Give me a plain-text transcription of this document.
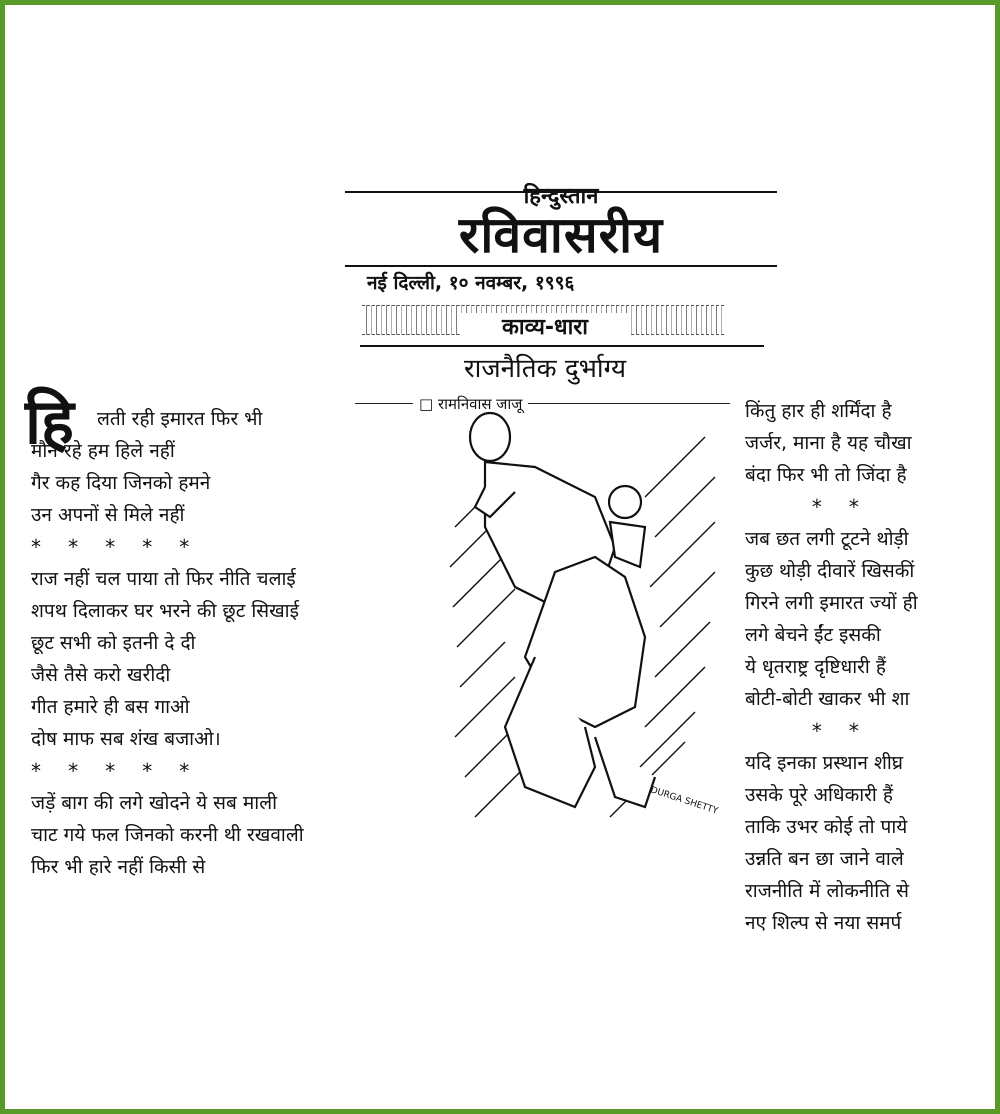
हिन्दुस्तान
रविवासरीय
नई दिल्ली, १० नवम्बर, १९९६
काव्य-धारा
राजनैतिक दुर्भाग्य
□ रामनिवास जाजू
हि	लती रही इमारत फिर भी
मौन रहे हम हिले नहीं
गैर कह दिया जिनको हमने
उन अपनों से मिले नहीं
*   *   *   *   *
राज नहीं चल पाया तो फिर नीति चलाई
शपथ दिलाकर घर भरने की छूट सिखाई
छूट सभी को इतनी दे दी
जैसे तैसे करो खरीदी
गीत हमारे ही बस गाओ
दोष माफ सब शंख बजाओ।
*   *   *   *   *
जड़ें बाग की लगे खोदने ये सब माली
चाट गये फल जिनको करनी थी रखवाली
फिर भी हारे नहीं किसी से
किंतु हार ही शर्मिंदा है
जर्जर, माना है यह चौखा
बंदा फिर भी तो जिंदा है
*   *
जब छत लगी टूटने थोड़ी
कुछ थोड़ी दीवारें खिसकीं
गिरने लगी इमारत ज्यों ही
लगे बेचने ईंट इसकी
ये धृतराष्ट्र दृष्टिधारी हैं
बोटी-बोटी खाकर भी शा
*   *
यदि इनका प्रस्थान शीघ्र
उसके पूरे अधिकारी हैं
ताकि उभर कोई तो पाये
उन्नति बन छा जाने वाले
राजनीति में लोकनीति से
नए शिल्प से नया समर्प
DURGA SHETTY
